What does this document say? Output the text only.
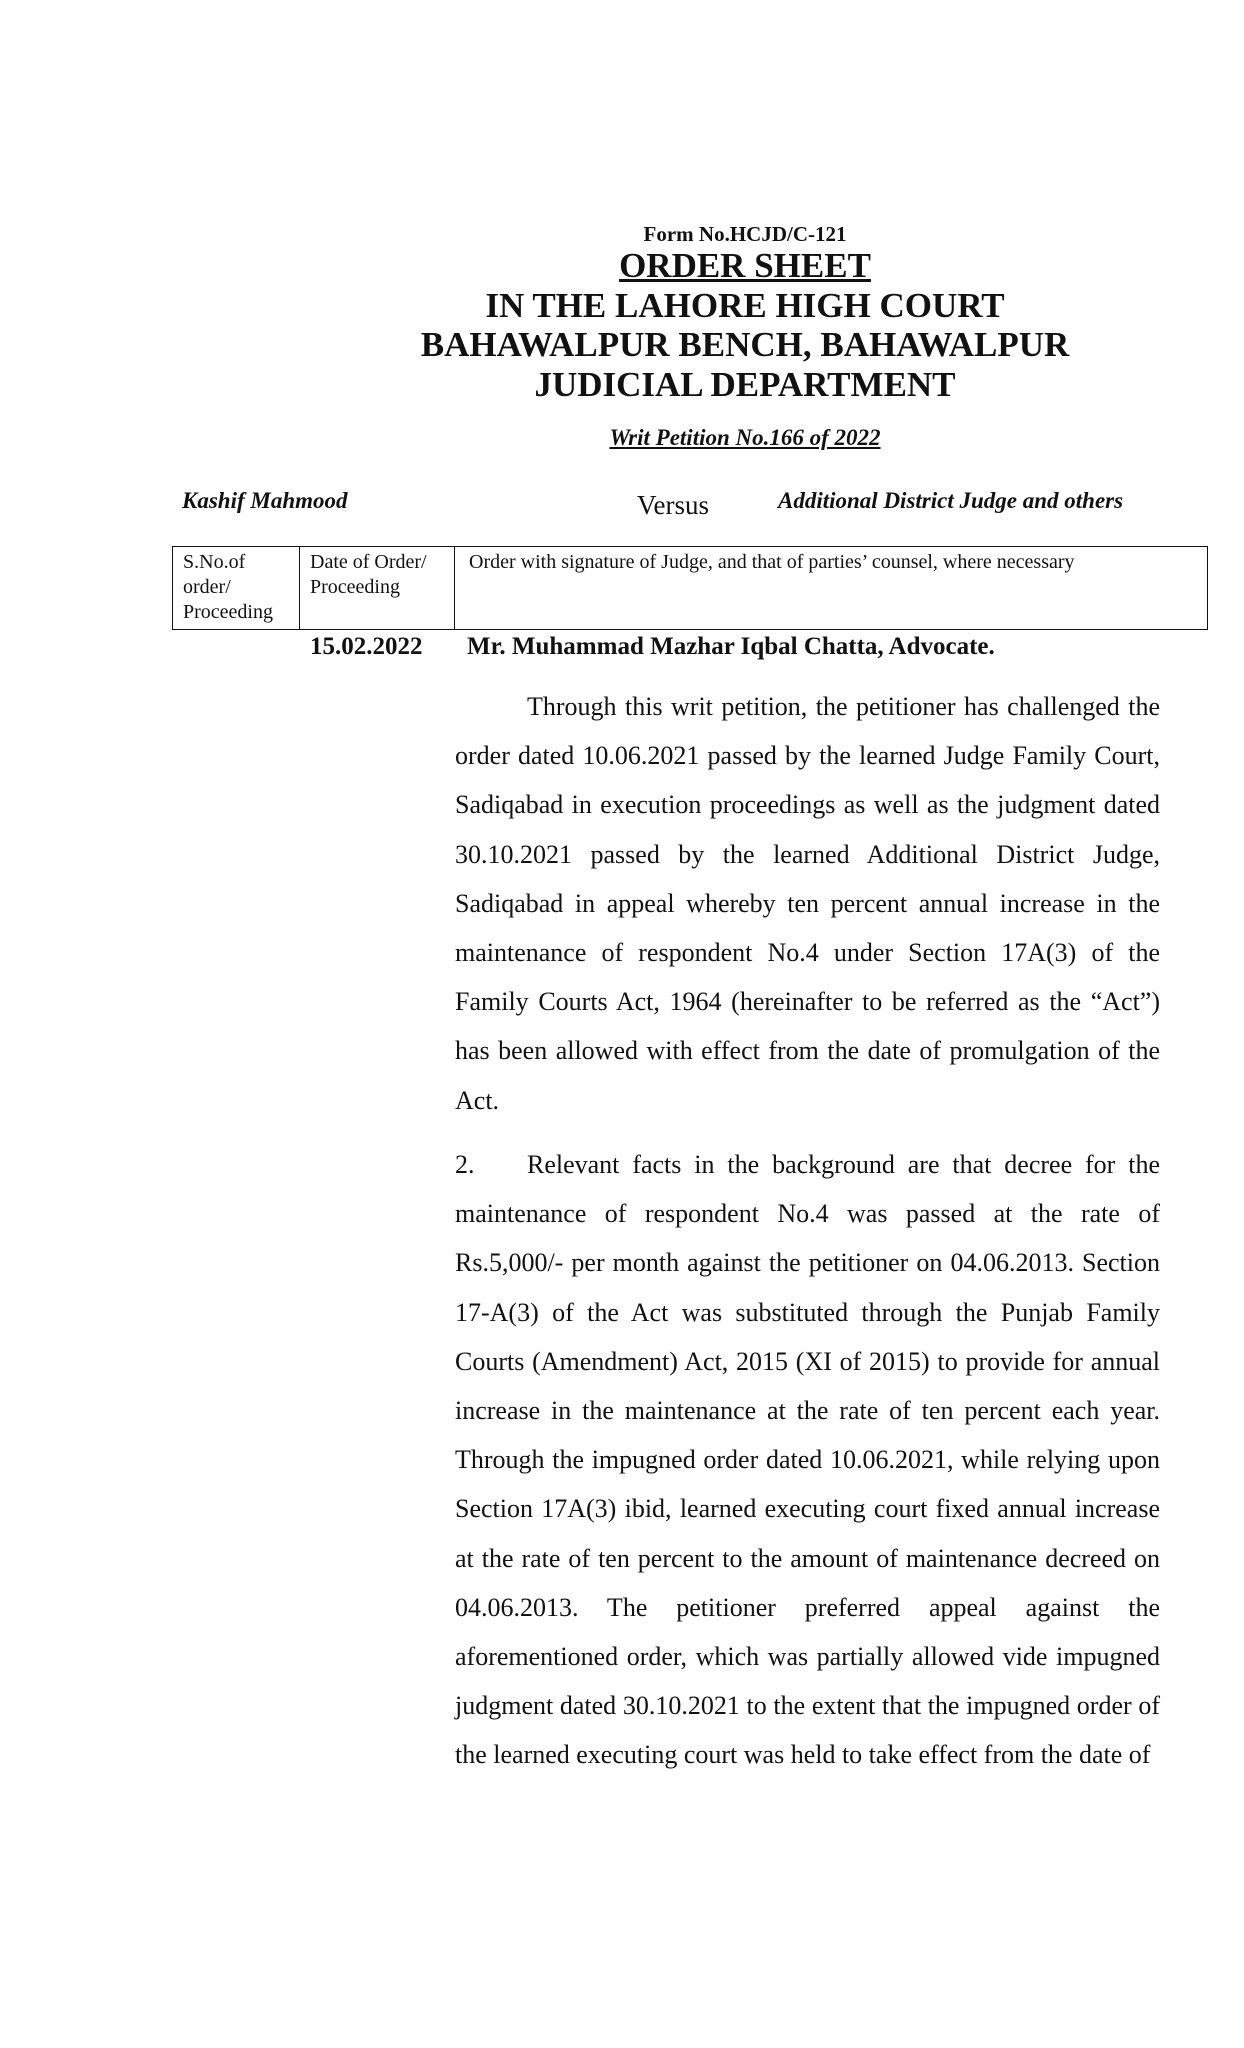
Form No.HCJD/C-121
ORDER SHEET
IN THE LAHORE HIGH COURT
BAHAWALPUR BENCH, BAHAWALPUR
JUDICIAL DEPARTMENT
Writ Petition No.166 of 2022
Kashif Mahmood	Versus	Additional District Judge and others
S.No.of order/ Proceeding
Date of Order/ Proceeding
Order with signature of Judge, and that of parties’ counsel, where necessary
15.02.2022 Mr. Muhammad Mazhar Iqbal Chatta, Advocate.

Through this writ petition, the petitioner has challenged the order dated 10.06.2021 passed by the learned Judge Family Court, Sadiqabad in execution proceedings as well as the judgment dated 30.10.2021 passed by the learned Additional District Judge, Sadiqabad in appeal whereby ten percent annual increase in the maintenance of respondent No.4 under Section 17A(3) of the Family Courts Act, 1964 (hereinafter to be referred as the “Act”) has been allowed with effect from the date of promulgation of the Act.

2. Relevant facts in the background are that decree for the maintenance of respondent No.4 was passed at the rate of Rs.5,000/- per month against the petitioner on 04.06.2013. Section 17-A(3) of the Act was substituted through the Punjab Family Courts (Amendment) Act, 2015 (XI of 2015) to provide for annual increase in the maintenance at the rate of ten percent each year. Through the impugned order dated 10.06.2021, while relying upon Section 17A(3) ibid, learned executing court fixed annual increase at the rate of ten percent to the amount of maintenance decreed on 04.06.2013. The petitioner preferred appeal against the aforementioned order, which was partially allowed vide impugned judgment dated 30.10.2021 to the extent that the impugned order of the learned executing court was held to take effect from the date of
